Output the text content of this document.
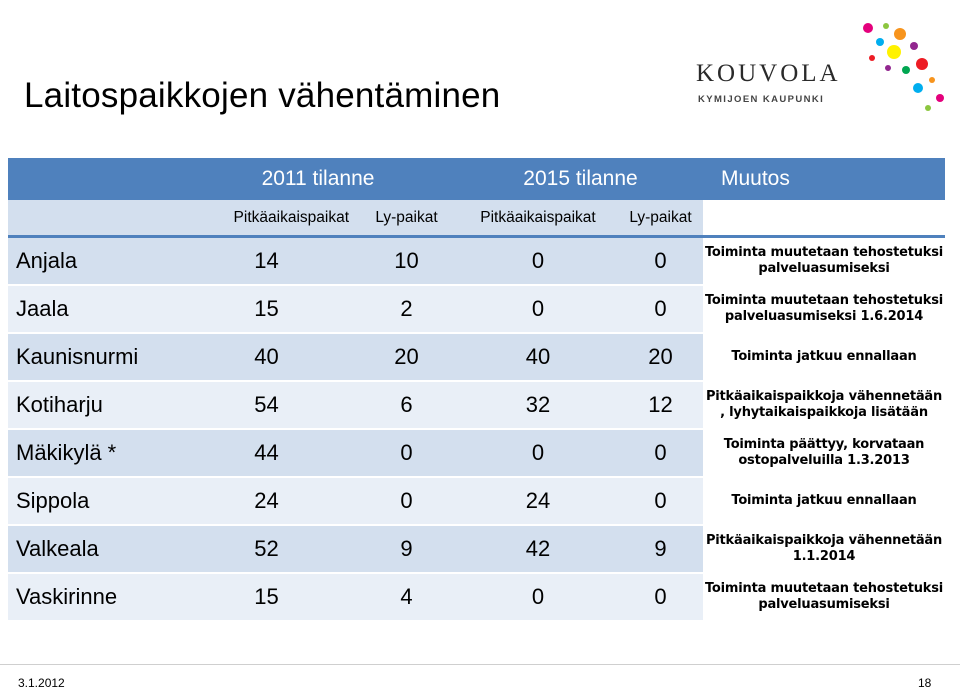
Laitospaikkojen vähentäminen
KOUVOLA
KYMIJOEN KAUPUNKI
	2011 tilanne		2015 tilanne		Muutos
	Pitkäaikaispaikat	Ly-paikat	Pitkäaikaispaikat	Ly-paikat	

Anjala	14	10	0	0	Toiminta muutetaan tehostetuksi palveluasumiseksi

Jaala	15	2	0	0	Toiminta muutetaan tehostetuksi palveluasumiseksi 1.6.2014

Kaunisnurmi	40	20	40	20	Toiminta jatkuu ennallaan

Kotiharju	54	6	32	12	Pitkäaikaispaikkoja vähennetään , lyhytaikaispaikkoja lisätään

Mäkikylä *	44	0	0	0	Toiminta päättyy, korvataan ostopalveluilla 1.3.2013

Sippola	24	0	24	0	Toiminta jatkuu ennallaan

Valkeala	52	9	42	9	Pitkäaikaispaikkoja vähennetään 1.1.2014

Vaskirinne	15	4	0	0	Toiminta muutetaan tehostetuksi palveluasumiseksi
3.1.2012	18
